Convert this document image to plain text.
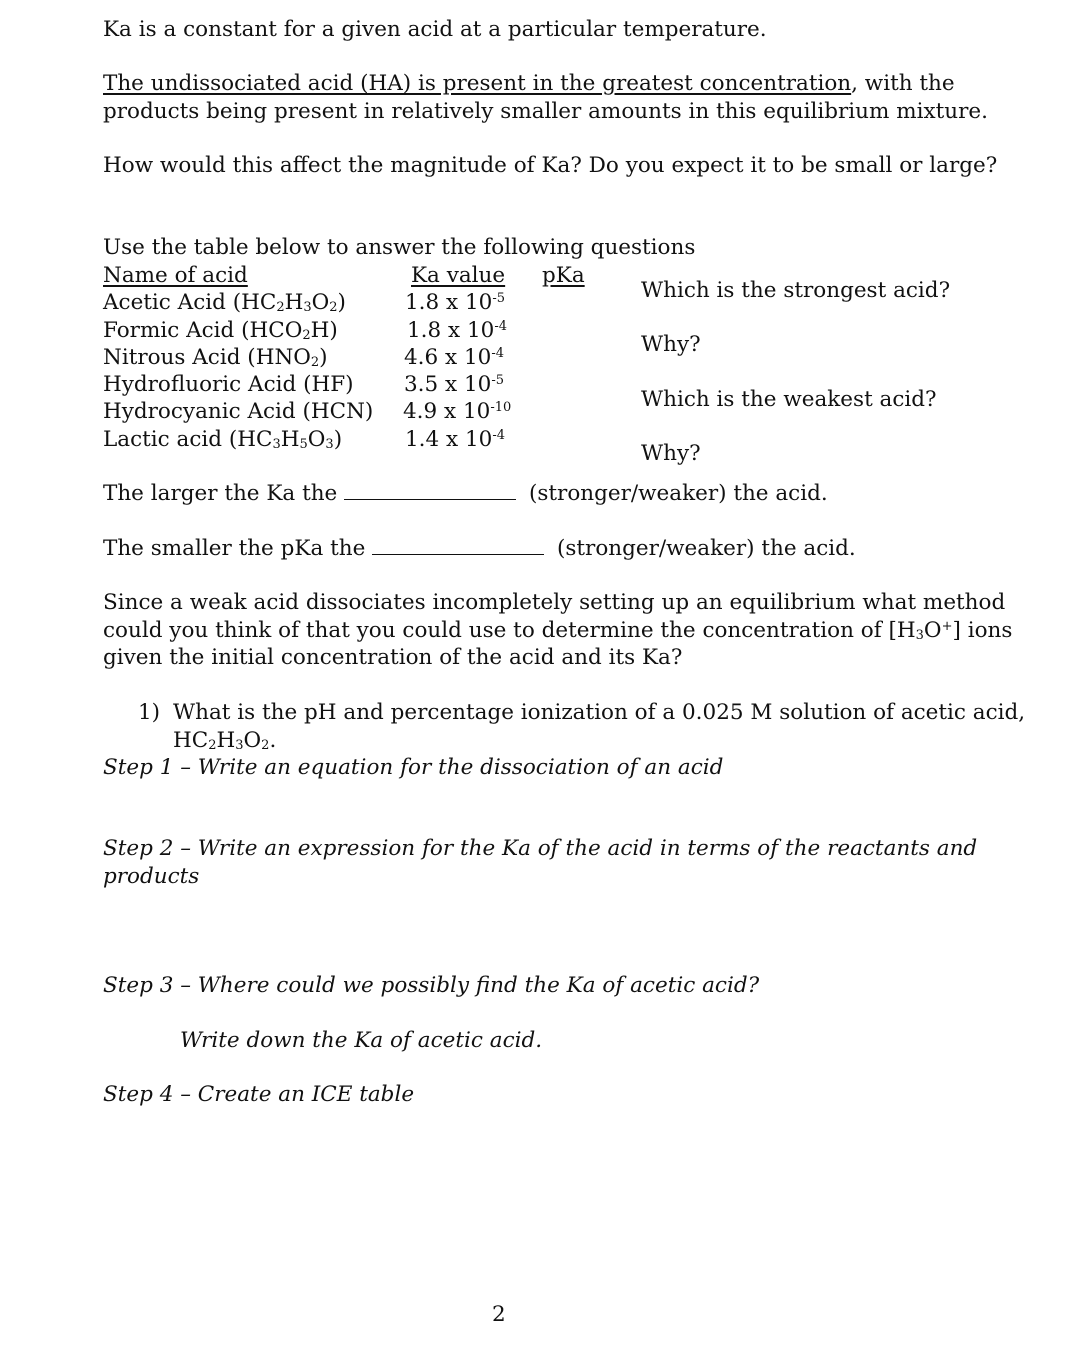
Ka is a constant for a given acid at a particular temperature.
The undissociated acid (HA) is present in the greatest concentration, with the
products being present in relatively smaller amounts in this equilibrium mixture.
How would this affect the magnitude of Ka? Do you expect it to be small or large?
Use the table below to answer the following questions
Name of acid	Ka value	pKa
Acetic Acid $(HC_2H_3O_2)$	1.8 x $10^{-5}$
Formic Acid $(HCO_2H)$	1.8 x $10^{-4}$
Nitrous Acid $(HNO_2)$	4.6 x $10^{-4}$
Hydrofluoric Acid (HF) 3.5 x $10^{-5}$
Hydrocyanic Acid (HCN) 4.9 x $10^{-10}$
Lactic acid $(HC_3H_5O_3)$	1.4 x $10^{-4}$
Which is the strongest acid?
Why?
Which is the weakest acid?
Why?
The larger the Ka the	(stronger/weaker) the acid.
The smaller the pKa the	(stronger/weaker) the acid.
Since a weak acid dissociates incompletely setting up an equilibrium what method
could you think of that you could use to determine the concentration of $[H_3O^+]$ ions
given the initial concentration of the acid and its Ka?
1) What is the pH and percentage ionization of a 0.025 M solution of acetic acid,
$HC_2H_3O_2$.
Step 1 – Write an equation for the dissociation of an acid
Step 2 – Write an expression for the Ka of the acid in terms of the reactants and
products
Step 3 – Where could we possibly find the Ka of acetic acid?
Write down the Ka of acetic acid.
Step 4 – Create an ICE table
2
